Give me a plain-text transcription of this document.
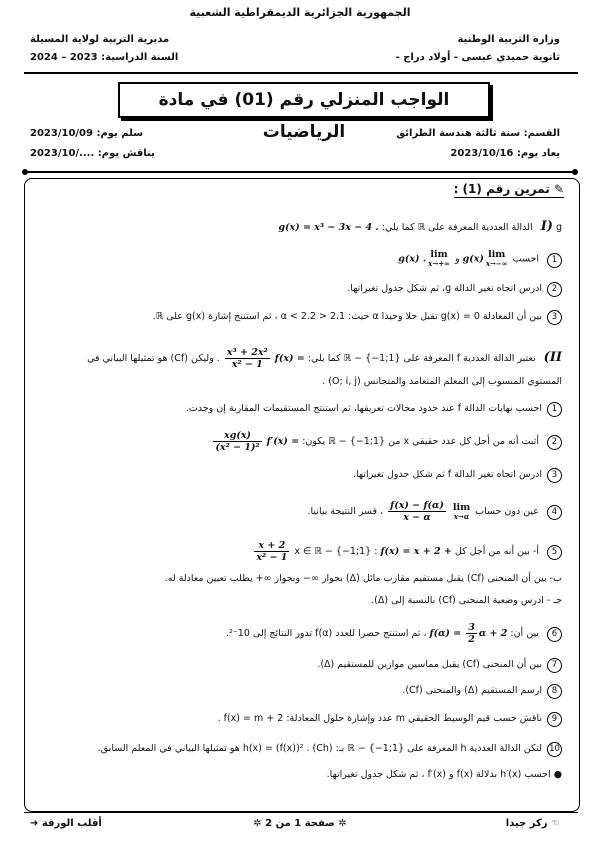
الجمهورية الجزائرية الديمقراطية الشعبية
وزارة التربية الوطنية
ثانوية حميدي عيسى - أولاد دراج -
مديرية التربية لولاية المسيلة
السنة الدراسية: 2023 – 2024
الواجب المنزلي رقم (01) في مادة الرياضيات	القسم: سنة ثالثة هندسة الطرائق
يعاد يوم: 2023/10/16
سلم يوم: 2023/10/09
يناقش يوم: ..../2023/10
✎ تمرين رقم (1) :
I) g الدالة العددية المعرفة على ℝ كما يلي: g(x) = x³ − 3x − 4 .
1 احسب lim
x→−∞
g(x) و lim
x→+∞
g(x) .
2ادرس اتجاه تغير الدالة g، ثم شكل جدول تغيراتها.
3بين أن المعادلة g(x) = 0 تقبل حلا وحيدا α حيث: 2.1 < α < 2.2 ، ثم استنتج إشارة g(x) على ℝ.
II) نعتبر الدالة العددية f المعرفة على ℝ − {−1;1} كما يلي: f(x) =
$\frac{\text{x³ + 2x²}}{\text{x² − 1}}$
. وليكن (Cf) هو تمثيلها البياني في
المستوي المنسوب إلى المعلم المتعامد والمتجانس (O; i, j) .
1احسب نهايات الدالة f عند حدود مجالات تعريفها، ثم استنتج المستقيمات المقاربة إن وجدت.
2 أثبت أنه من أجل كل عدد حقيقي x من ℝ − {−1;1} يكون: f′(x) =
$\frac{xg(x)}{\text{(x² − 1)²}}$
3ادرس اتجاه تغير الدالة f ثم شكل جدول تغيراتها.
4 عين دون حساب lim
x→α

$\frac{f(x) - f(\alpha)}{x - \alpha}$
، فسر النتيجة بيانيا.
5 أ- بين أنه من أجل كل x ∈ ℝ − {−1;1} : f(x) = x + 2 +
$\frac{x + 2}{\text{x² − 1}}$
ب- بين أن المنحنى (Cf) يقبل مستقيم مقارب مائل (Δ) بجوار ∞− وبجوار ∞+ يطلب تعيين معادلة له.
جـ - ادرس وضعية المنحنى (Cf) بالنسبة إلى (Δ).
6 بين أن: $f(\alpha) = \frac{3}{2}$ α + 2 ، ثم استنتج حصرا للعدد f(α) تدور النتائج إلى 10⁻².
7بين أن المنحنى (Cf) يقبل مماسين موازين للمستقيم (Δ).
8ارسم المستقيم (Δ) والمنحنى (Cf).
9ناقش حسب قيم الوسيط الحقيقي m عدد وإشارة حلول المعادلة: f(x) = m + 2 .
10لتكن الدالة العددية h المعرفة على ℝ − {−1;1} بـ: h(x) = (f(x))² . (Ch) هو تمثيلها البياني في المعلم السابق.
● احسب h′(x) بدلالة f(x) و f′(x) ، ثم شكل جدول تغيراتها.
☜ ركز جيدا
✲ صفحة 1 من 2 ✲
أقلب الورقة ➜
